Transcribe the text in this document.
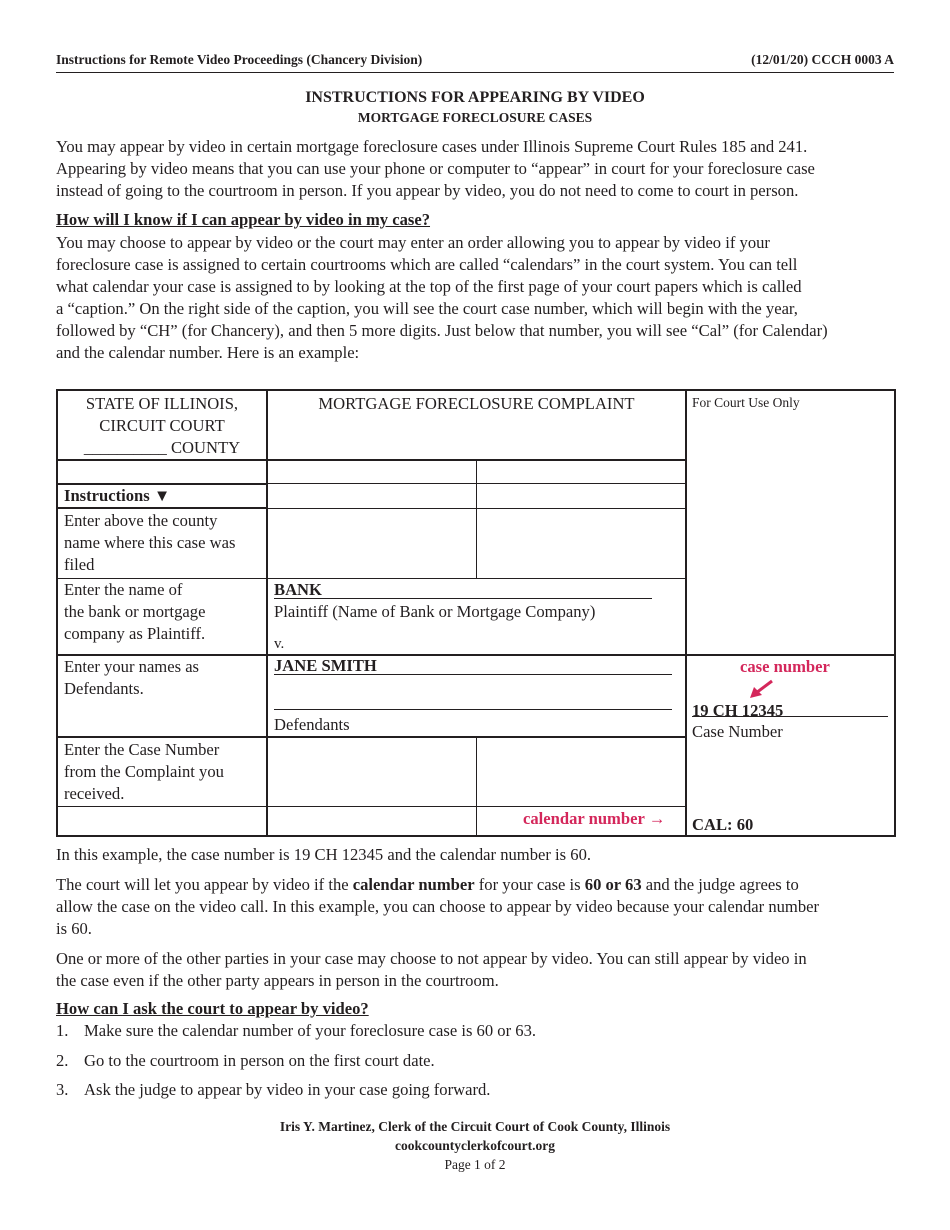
Instructions for Remote Video Proceedings (Chancery Division)	(12/01/20) CCCH 0003 A
INSTRUCTIONS FOR APPEARING BY VIDEO
MORTGAGE FORECLOSURE CASES
You may appear by video in certain mortgage foreclosure cases under Illinois Supreme Court Rules 185 and 241.
Appearing by video means that you can use your phone or computer to “appear” in court for your foreclosure case
instead of going to the courtroom in person. If you appear by video, you do not need to come to court in person.
How will I know if I can appear by video in my case?
You may choose to appear by video or the court may enter an order allowing you to appear by video if your
foreclosure case is assigned to certain courtrooms which are called “calendars” in the court system. You can tell
what calendar your case is assigned to by looking at the top of the first page of your court papers which is called
a “caption.” On the right side of the caption, you will see the court case number, which will begin with the year,
followed by “CH” (for Chancery), and then 5 more digits. Just below that number, you will see “Cal” (for Calendar)
and the calendar number. Here is an example:
STATE OF ILLINOIS,
CIRCUIT COURT
__________ COUNTY
MORTGAGE FORECLOSURE COMPLAINT	For Court Use Only
Instructions ▼
Enter above the county
name where this case was
filed
Enter the name of
the bank or mortgage
company as Plaintiff.
Enter your names as
Defendants.
Enter the Case Number
from the Complaint you
received.
BANK
Plaintiff (Name of Bank or Mortgage Company)
v.
JANE SMITH
Defendants
case number
19 CH 12345
Case Number
calendar number → CAL: 60
In this example, the case number is 19 CH 12345 and the calendar number is 60.
The court will let you appear by video if the calendar number for your case is 60 or 63 and the judge agrees to
allow the case on the video call. In this example, you can choose to appear by video because your calendar number
is 60.
One or more of the other parties in your case may choose to not appear by video. You can still appear by video in
the case even if the other party appears in person in the courtroom.
How can I ask the court to appear by video?
1. Make sure the calendar number of your foreclosure case is 60 or 63.
2. Go to the courtroom in person on the first court date.
3. Ask the judge to appear by video in your case going forward.
Iris Y. Martinez, Clerk of the Circuit Court of Cook County, Illinois
cookcountyclerkofcourt.org
Page 1 of 2
